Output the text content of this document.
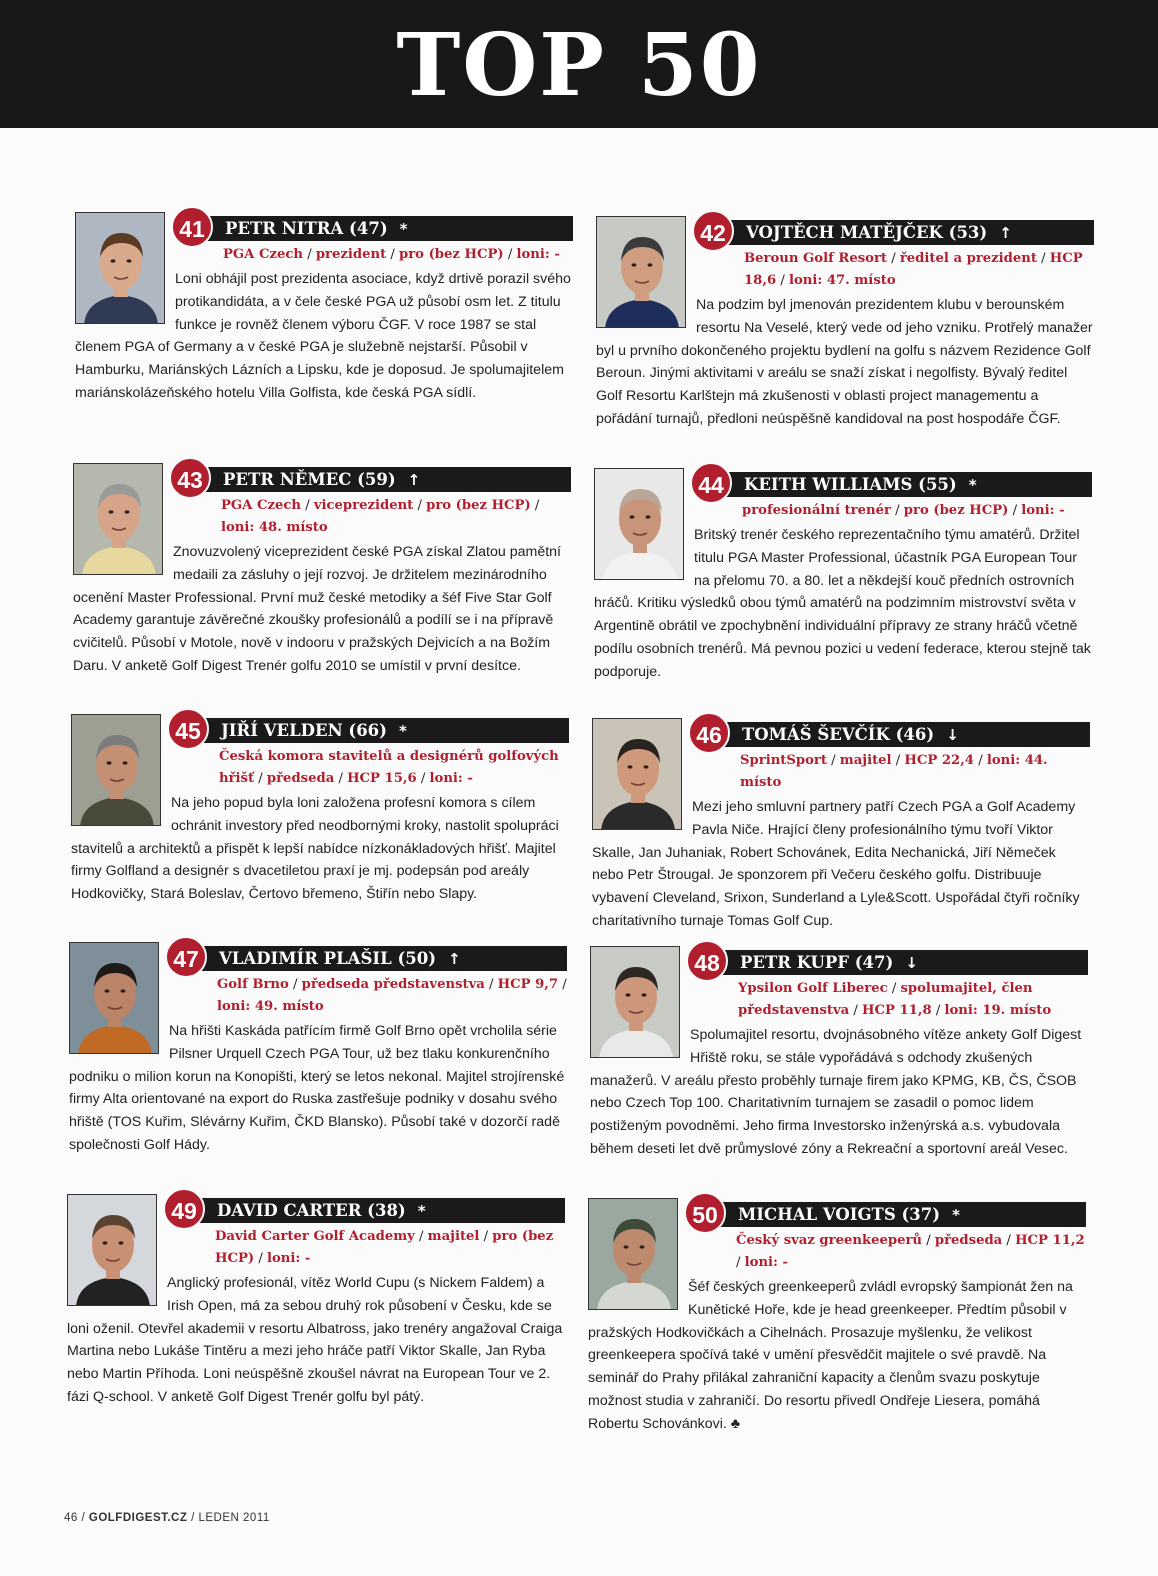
TOP 50
Loni obhájil post prezidenta asociace, když drtivě porazil svého protikandidáta, a v čele české PGA už působí osm let. Z titulu funkce je rovněž členem výboru ČGF. V roce 1987 se stal členem PGA of Germany a v české PGA je služebně nejstarší. Působil v Hamburku, Mariánských Lázních a Lipsku, kde je doposud. Je spolumajitelem mariánskolázeňského hotelu Villa Golfista, kde česká PGA sídlí.
41	PETR NITRA (47) *
PGA Czech / prezident / pro (bez HCP) / loni: -
Na podzim byl jmenován prezidentem klubu v berounském resortu Na Veselé, který vede od jeho vzniku. Protřelý manažer byl u prvního dokončeného projektu bydlení na golfu s názvem Rezidence Golf Beroun. Jinými aktivitami v areálu se snaží získat i negolfisty. Bývalý ředitel Golf Resortu Karlštejn má zkušenosti v oblasti project managementu a pořádání turnajů, předloni neúspěšně kandidoval na post hospodáře ČGF.
42	VOJTĚCH MATĚJČEK (53) ↑
Beroun Golf Resort / ředitel a prezident / HCP 18,6 / loni: 47. místo
Znovuzvolený viceprezident české PGA získal Zlatou pamětní medaili za zásluhy o její rozvoj. Je držitelem mezinárodního ocenění Master Professional. První muž české metodiky a šéf Five Star Golf Academy garantuje závěrečné zkoušky profesionálů a podílí se i na přípravě cvičitelů. Působí v Motole, nově v indooru v pražských Dejvicích a na Božím Daru. V anketě Golf Digest Trenér golfu 2010 se umístil v první desítce.
43	PETR NĚMEC (59) ↑
PGA Czech / viceprezident / pro (bez HCP) / loni: 48. místo	Britský trenér českého reprezentačního týmu amatérů. Držitel titulu PGA Master Professional, účastník PGA European Tour na přelomu 70. a 80. let a někdejší kouč předních ostrovních hráčů. Kritiku výsledků obou týmů amatérů na podzimním mistrovství světa v Argentině obrátil ve zpochybnění individuální přípravy ze strany hráčů včetně podílu osobních trenérů. Má pevnou pozici u vedení federace, kterou stejně tak podporuje.
44	KEITH WILLIAMS (55) *
profesionální trenér / pro (bez HCP) / loni: -
Na jeho popud byla loni založena profesní komora s cílem ochránit investory před neodbornými kroky, nastolit spolupráci stavitelů a architektů a přispět k lepší nabídce nízkonákladových hřišť. Majitel firmy Golfland a designér s dvacetiletou praxí je mj. podepsán pod areály Hodkovičky, Stará Boleslav, Čertovo břemeno, Štiřín nebo Slapy.
45	JIŘÍ VELDEN (66) *
Česká komora stavitelů a designérů golfových hřišť / předseda / HCP 15,6 / loni: -
Mezi jeho smluvní partnery patří Czech PGA a Golf Academy Pavla Niče. Hrající členy profesionálního týmu tvoří Viktor Skalle, Jan Juhaniak, Robert Schovánek, Edita Nechanická, Jiří Němeček nebo Petr Štrougal. Je sponzorem při Večeru českého golfu. Distribuuje vybavení Cleveland, Srixon, Sunderland a Lyle&Scott. Uspořádal čtyři ročníky charitativního turnaje Tomas Golf Cup.
46	TOMÁŠ ŠEVČÍK (46) ↓
SprintSport / majitel / HCP 22,4 / loni: 44. místo
Na hřišti Kaskáda patřícím firmě Golf Brno opět vrcholila série Pilsner Urquell Czech PGA Tour, už bez tlaku konkurenčního podniku o milion korun na Konopišti, který se letos nekonal. Majitel strojírenské firmy Alta orientované na export do Ruska zastřešuje podniky v dosahu svého hřiště (TOS Kuřim, Slévárny Kuřim, ČKD Blansko). Působí také v dozorčí radě společnosti Golf Hády.
47	VLADIMÍR PLAŠIL (50) ↑
Golf Brno / předseda představenstva / HCP 9,7 / loni: 49. místo
Spolumajitel resortu, dvojnásobného vítěze ankety Golf Digest Hřiště roku, se stále vypořádává s odchody zkušených manažerů. V areálu přesto proběhly turnaje firem jako KPMG, KB, ČS, ČSOB nebo Czech Top 100. Charitativním turnajem se zasadil o pomoc lidem postiženým povodněmi. Jeho firma Investorsko inženýrská a.s. vybudovala během deseti let dvě průmyslové zóny a Rekreační a sportovní areál Vesec.
48	PETR KUPF (47) ↓
Ypsilon Golf Liberec / spolumajitel, člen představenstva / HCP 11,8 / loni: 19. místo
Anglický profesionál, vítěz World Cupu (s Nickem Faldem) a Irish Open, má za sebou druhý rok působení v Česku, kde se loni oženil. Otevřel akademii v resortu Albatross, jako trenéry angažoval Craiga Martina nebo Lukáše Tintěru a mezi jeho hráče patří Viktor Skalle, Jan Ryba nebo Martin Příhoda. Loni neúspěšně zkoušel návrat na European Tour ve 2. fázi Q-school. V anketě Golf Digest Trenér golfu byl pátý.
49	DAVID CARTER (38) *
David Carter Golf Academy / majitel / pro (bez HCP) / loni: -
Šéf českých greenkeeperů zvládl evropský šampionát žen na Kunětické Hoře, kde je head greenkeeper. Předtím působil v pražských Hodkovičkách a Cihelnách. Prosazuje myšlenku, že velikost greenkeepera spočívá také v umění přesvědčit majitele o své pravdě. Na seminář do Prahy přilákal zahraniční kapacity a členům svazu poskytuje možnost studia v zahraničí. Do resortu přivedl Ondřeje Liesera, pomáhá Robertu Schovánkovi. ♣
50	MICHAL VOIGTS (37) *
Český svaz greenkeeperů / předseda / HCP 11,2 / loni: -
46 / GOLFDIGEST.CZ / LEDEN 2011
